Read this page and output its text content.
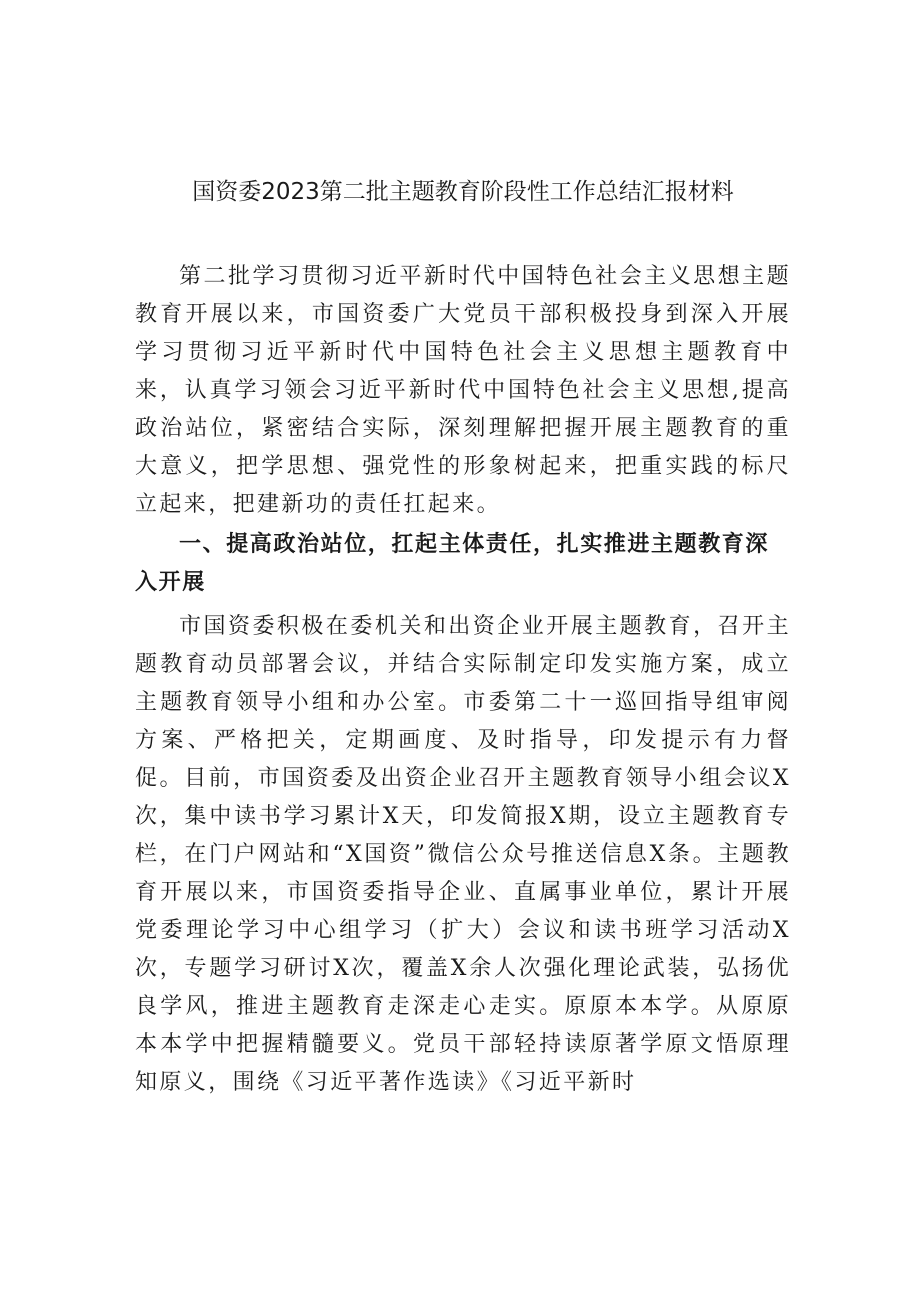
国资委2023第二批主题教育阶段性工作总结汇报材料

第二批学习贯彻习近平新时代中国特色社会主义思想主题教育开展以来，市国资委广大党员干部积极投身到深入开展学习贯彻习近平新时代中国特色社会主义思想主题教育中来，认真学习领会习近平新时代中国特色社会主义思想,提高政治站位，紧密结合实际，深刻理解把握开展主题教育的重大意义，把学思想、强党性的形象树起来，把重实践的标尺立起来，把建新功的责任扛起来。

一、提高政治站位，扛起主体责任，扎实推进主题教育深入开展

市国资委积极在委机关和出资企业开展主题教育，召开主题教育动员部署会议，并结合实际制定印发实施方案，成立主题教育领导小组和办公室。市委第二十一巡回指导组审阅方案、严格把关，定期画度、及时指导，印发提示有力督促。目前，市国资委及出资企业召开主题教育领导小组会议X次，集中读书学习累计X天，印发简报X期，设立主题教育专栏，在门户网站和“X国资”微信公众号推送信息X条。主题教育开展以来，市国资委指导企业、直属事业单位，累计开展党委理论学习中心组学习（扩大）会议和读书班学习活动X次，专题学习研讨X次，覆盖X余人次强化理论武装，弘扬优良学风，推进主题教育走深走心走实。原原本本学。从原原本本学中把握精髓要义。党员干部轻持读原著学原文悟原理知原义，围绕《习近平著作选读》《习近平新时
